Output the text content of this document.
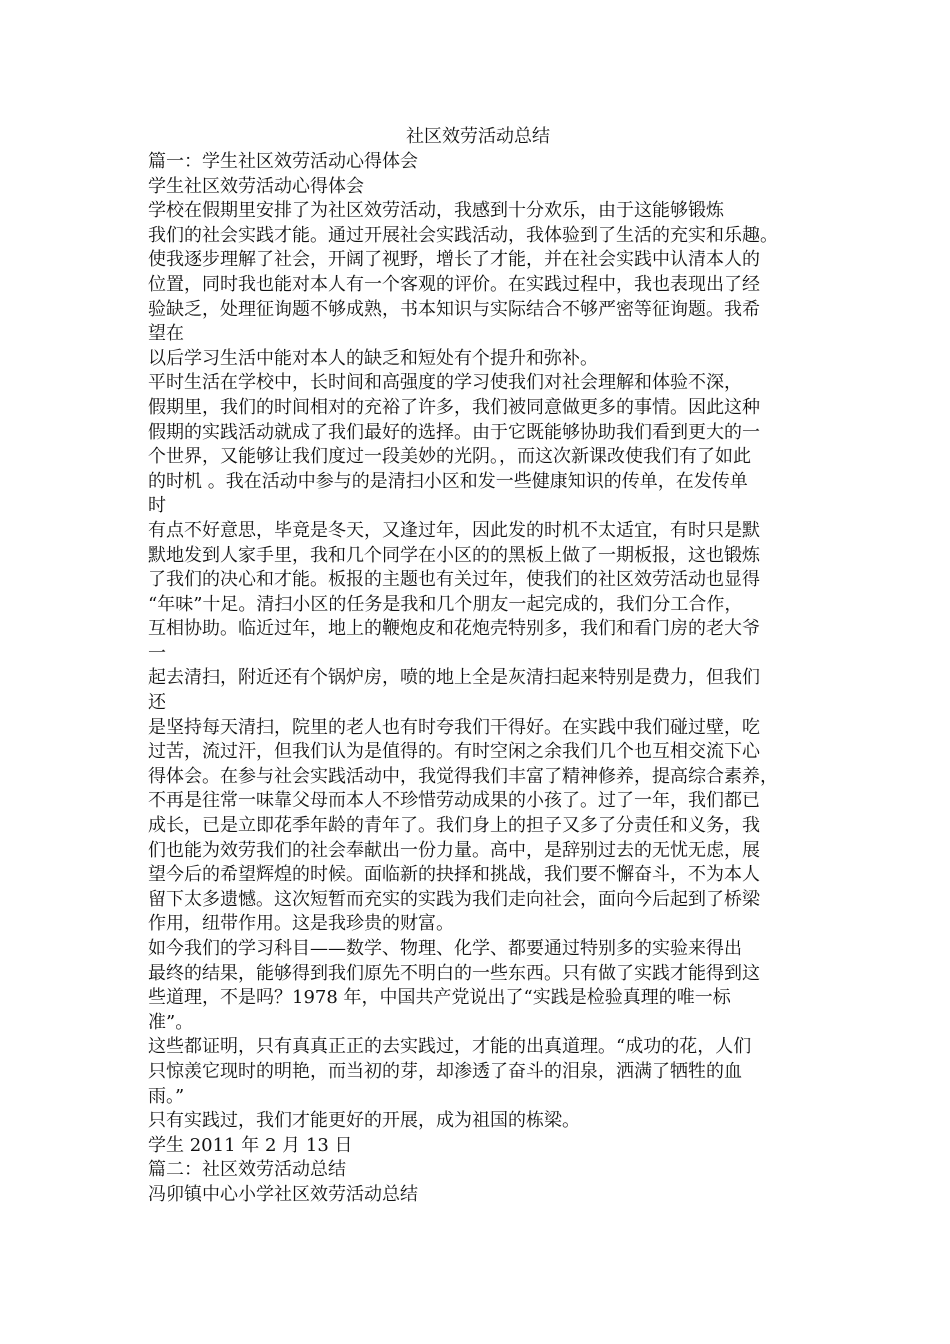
社区效劳活动总结

篇一：学生社区效劳活动心得体会

学生社区效劳活动心得体会

学校在假期里安排了为社区效劳活动，我感到十分欢乐，由于这能够锻炼

我们的社会实践才能。通过开展社会实践活动，我体验到了生活的充实和乐趣。

使我逐步理解了社会，开阔了视野，增长了才能，并在社会实践中认清本人的

位置，同时我也能对本人有一个客观的评价。在实践过程中，我也表现出了经

验缺乏，处理征询题不够成熟，书本知识与实际结合不够严密等征询题。我希

望在

以后学习生活中能对本人的缺乏和短处有个提升和弥补。

平时生活在学校中，长时间和高强度的学习使我们对社会理解和体验不深，

假期里，我们的时间相对的充裕了许多，我们被同意做更多的事情。因此这种

假期的实践活动就成了我们最好的选择。由于它既能够协助我们看到更大的一

个世界，又能够让我们度过一段美妙的光阴。，而这次新课改使我们有了如此

的时机 。我在活动中参与的是清扫小区和发一些健康知识的传单，在发传单

时

有点不好意思，毕竟是冬天，又逢过年，因此发的时机不太适宜，有时只是默

默地发到人家手里，我和几个同学在小区的的黑板上做了一期板报，这也锻炼

了我们的决心和才能。板报的主题也有关过年，使我们的社区效劳活动也显得

“年味”十足。清扫小区的任务是我和几个朋友一起完成的，我们分工合作，

互相协助。临近过年，地上的鞭炮皮和花炮壳特别多，我们和看门房的老大爷

一

起去清扫，附近还有个锅炉房，喷的地上全是灰清扫起来特别是费力，但我们

还

是坚持每天清扫，院里的老人也有时夸我们干得好。在实践中我们碰过壁，吃

过苦，流过汗，但我们认为是值得的。有时空闲之余我们几个也互相交流下心

得体会。在参与社会实践活动中，我觉得我们丰富了精神修养，提高综合素养，

不再是往常一味靠父母而本人不珍惜劳动成果的小孩了。过了一年，我们都已

成长，已是立即花季年龄的青年了。我们身上的担子又多了分责任和义务，我

们也能为效劳我们的社会奉献出一份力量。高中，是辞别过去的无忧无虑，展

望今后的希望辉煌的时候。面临新的抉择和挑战，我们要不懈奋斗，不为本人

留下太多遗憾。这次短暂而充实的实践为我们走向社会，面向今后起到了桥梁

作用，纽带作用。这是我珍贵的财富。

如今我们的学习科目——数学、物理、化学、都要通过特别多的实验来得出

最终的结果，能够得到我们原先不明白的一些东西。只有做了实践才能得到这

些道理，不是吗？1978 年，中国共产党说出了“实践是检验真理的唯一标

准”。

这些都证明，只有真真正正的去实践过，才能的出真道理。“成功的花，人们

只惊羡它现时的明艳，而当初的芽，却渗透了奋斗的泪泉，洒满了牺牲的血

雨。”

只有实践过，我们才能更好的开展，成为祖国的栋梁。

学生 2011 年 2 月 13 日

篇二：社区效劳活动总结

冯卯镇中心小学社区效劳活动总结
